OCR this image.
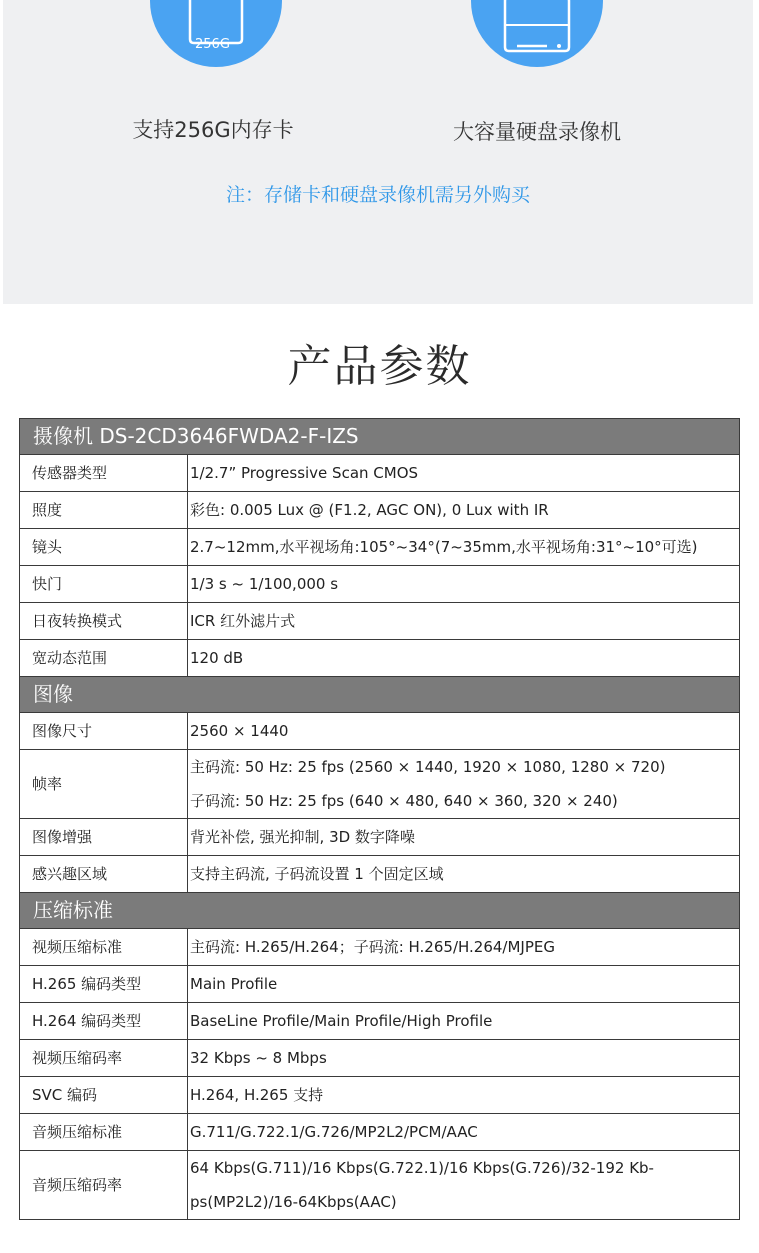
256G
支持256G内存卡	大容量硬盘录像机
注：存储卡和硬盘录像机需另外购买
产品参数
摄像机 DS-2CD3646FWDA2-F-IZS	
传感器类型	1/2.7” Progressive Scan CMOS

照度	彩色: 0.005 Lux @ (F1.2, AGC ON), 0 Lux with IR

镜头	2.7~12mm,水平视场角:105°~34°(7~35mm,水平视场角:31°~10°可选)

快门	1/3 s ~ 1/100,000 s

日夜转换模式	ICR 红外滤片式

宽动态范围	120 dB

图像	
图像尺寸	2560 × 1440

帧率	主码流: 50 Hz: 25 fps (2560 × 1440, 1920 × 1080, 1280 × 720)
子码流: 50 Hz: 25 fps (640 × 480, 640 × 360, 320 × 240)

图像增强	背光补偿, 强光抑制, 3D 数字降噪

感兴趣区域	支持主码流, 子码流设置 1 个固定区域

压缩标准	
视频压缩标准	主码流: H.265/H.264；子码流: H.265/H.264/MJPEG

H.265 编码类型	Main Profile

H.264 编码类型	BaseLine Profile/Main Profile/High Profile

视频压缩码率	32 Kbps ~ 8 Mbps

SVC 编码	H.264, H.265 支持

音频压缩标准	G.711/G.722.1/G.726/MP2L2/PCM/AAC

音频压缩码率	64 Kbps(G.711)/16 Kbps(G.722.1)/16 Kbps(G.726)/32-192 Kb-
ps(MP2L2)/16-64Kbps(AAC)
